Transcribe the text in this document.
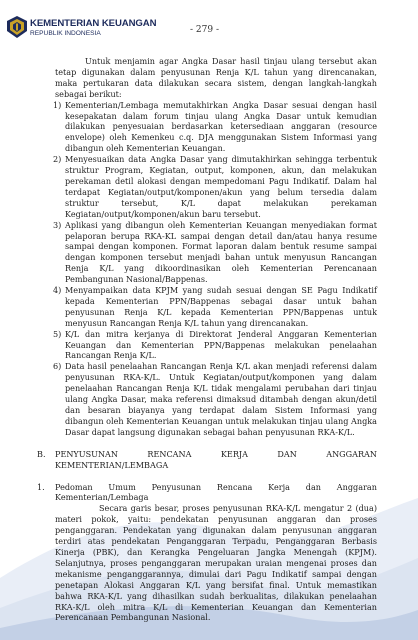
KEMENTERIAN KEUANGAN
REPUBLIK INDONESIA	- 279 -

Untuk menjamin agar Angka Dasar hasil tinjau ulang tersebut akan tetap digunakan dalam penyusunan Renja K/L tahun yang direncanakan, maka pertukaran data dilakukan secara sistem, dengan langkah-langkah sebagai berikut:

1) Kementerian/Lembaga memutakhirkan Angka Dasar sesuai dengan hasil kesepakatan dalam forum tinjau ulang Angka Dasar untuk kemudian dilakukan penyesuaian berdasarkan ketersediaan anggaran (resource envelope) oleh Kemenkeu c.q. DJA menggunakan Sistem Informasi yang dibangun oleh Kementerian Keuangan.
2) Menyesuaikan data Angka Dasar yang dimutakhirkan sehingga terbentuk struktur Program, Kegiatan, output, komponen, akun, dan melakukan perekaman detil alokasi dengan mempedomani Pagu Indikatif. Dalam hal terdapat Kegiatan/output/komponen/akun yang belum tersedia dalam struktur tersebut, K/L dapat melakukan perekaman Kegiatan/output/komponen/akun baru tersebut.
3) Aplikasi yang dibangun oleh Kementerian Keuangan menyediakan format pelaporan berupa RKA-KL sampai dengan detail dan/atau hanya resume sampai dengan komponen. Format laporan dalam bentuk resume sampai dengan komponen tersebut menjadi bahan untuk menyusun Rancangan Renja K/L yang dikoordinasikan oleh Kementerian Perencanaan Pembangunan Nasional/Bappenas.
4) Menyampaikan data KPJM yang sudah sesuai dengan SE Pagu Indikatif kepada Kementerian PPN/Bappenas sebagai dasar untuk bahan penyusunan Renja K/L kepada Kementerian PPN/Bappenas untuk menyusun Rancangan Renja K/L tahun yang direncanakan.
5) K/L dan mitra kerjanya di Direktorat Jenderal Anggaran Kementerian Keuangan dan Kementerian PPN/Bappenas melakukan penelaahan Rancangan Renja K/L.
6) Data hasil penelaahan Rancangan Renja K/L akan menjadi referensi dalam penyusunan RKA-K/L. Untuk Kegiatan/output/komponen yang dalam penelaahan Rancangan Renja K/L tidak mengalami perubahan dari tinjau ulang Angka Dasar, maka referensi dimaksud ditambah dengan akun/detil dan besaran biayanya yang terdapat dalam Sistem Informasi yang dibangun oleh Kementerian Keuangan untuk melakukan tinjau ulang Angka Dasar dapat langsung digunakan sebagai bahan penyusunan RKA-K/L.
B. PENYUSUNAN	RENCANA	KERJA	DAN	ANGGARAN
KEMENTERIAN/LEMBAGA
1. Pedoman Umum Penyusunan Rencana Kerja dan Anggaran
Kementerian/Lembaga

Secara garis besar, proses penyusunan RKA-K/L mengatur 2 (dua) materi pokok, yaitu: pendekatan penyusunan anggaran dan proses penganggaran. Pendekatan yang digunakan dalam penyusunan anggaran terdiri atas pendekatan Penganggaran Terpadu, Penganggaran Berbasis Kinerja (PBK), dan Kerangka Pengeluaran Jangka Menengah (KPJM). Selanjutnya, proses penganggaran merupakan uraian mengenai proses dan mekanisme penganggarannya, dimulai dari Pagu Indikatif sampai dengan penetapan Alokasi Anggaran K/L yang bersifat final. Untuk memastikan bahwa RKA-K/L yang dihasilkan sudah berkualitas, dilakukan penelaahan RKA-K/L oleh mitra K/L di Kementerian Keuangan dan Kementerian Perencanaan Pembangunan Nasional.
